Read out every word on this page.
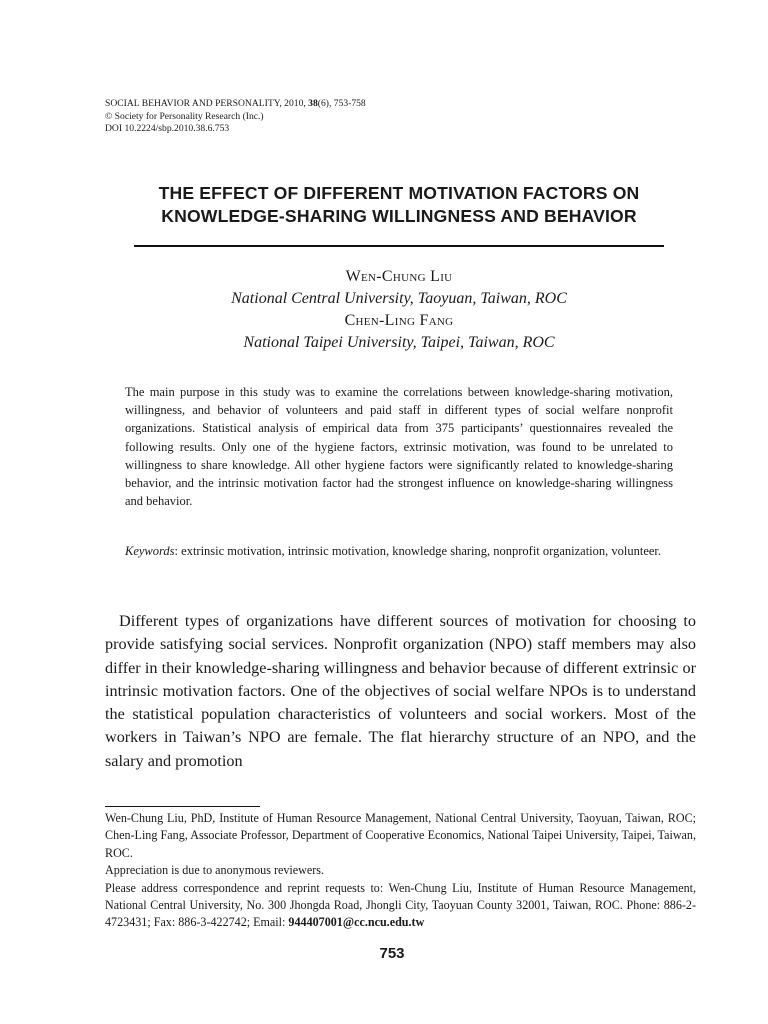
SOCIAL BEHAVIOR AND PERSONALITY, 2010, 38(6), 753-758
© Society for Personality Research (Inc.)
DOI 10.2224/sbp.2010.38.6.753
THE EFFECT OF DIFFERENT MOTIVATION FACTORS ON
KNOWLEDGE-SHARING WILLINGNESS AND BEHAVIOR
Wen-Chung Liu
National Central University, Taoyuan, Taiwan, ROC
Chen-Ling Fang
National Taipei University, Taipei, Taiwan, ROC

The main purpose in this study was to examine the correlations between knowledge-sharing motivation, willingness, and behavior of volunteers and paid staff in different types of social welfare nonprofit organizations. Statistical analysis of empirical data from 375 participants’ questionnaires revealed the following results. Only one of the hygiene factors, extrinsic motivation, was found to be unrelated to willingness to share knowledge. All other hygiene factors were significantly related to knowledge-sharing behavior, and the intrinsic motivation factor had the strongest influence on knowledge-sharing willingness and behavior.

Keywords: extrinsic motivation, intrinsic motivation, knowledge sharing, nonprofit organization, volunteer.

Different types of organizations have different sources of motivation for choosing to provide satisfying social services. Nonprofit organization (NPO) staff members may also differ in their knowledge-sharing willingness and behavior because of different extrinsic or intrinsic motivation factors. One of the objectives of social welfare NPOs is to understand the statistical population characteristics of volunteers and social workers. Most of the workers in Taiwan’s NPO are female. The flat hierarchy structure of an NPO, and the salary and promotion

Wen-Chung Liu, PhD, Institute of Human Resource Management, National Central University, Taoyuan, Taiwan, ROC; Chen-Ling Fang, Associate Professor, Department of Cooperative Economics, National Taipei University, Taipei, Taiwan, ROC.

Appreciation is due to anonymous reviewers.

Please address correspondence and reprint requests to: Wen-Chung Liu, Institute of Human Resource Management, National Central University, No. 300 Jhongda Road, Jhongli City, Taoyuan County 32001, Taiwan, ROC. Phone: 886-2-4723431; Fax: 886-3-422742; Email: 944407001@cc.ncu.edu.tw

753
